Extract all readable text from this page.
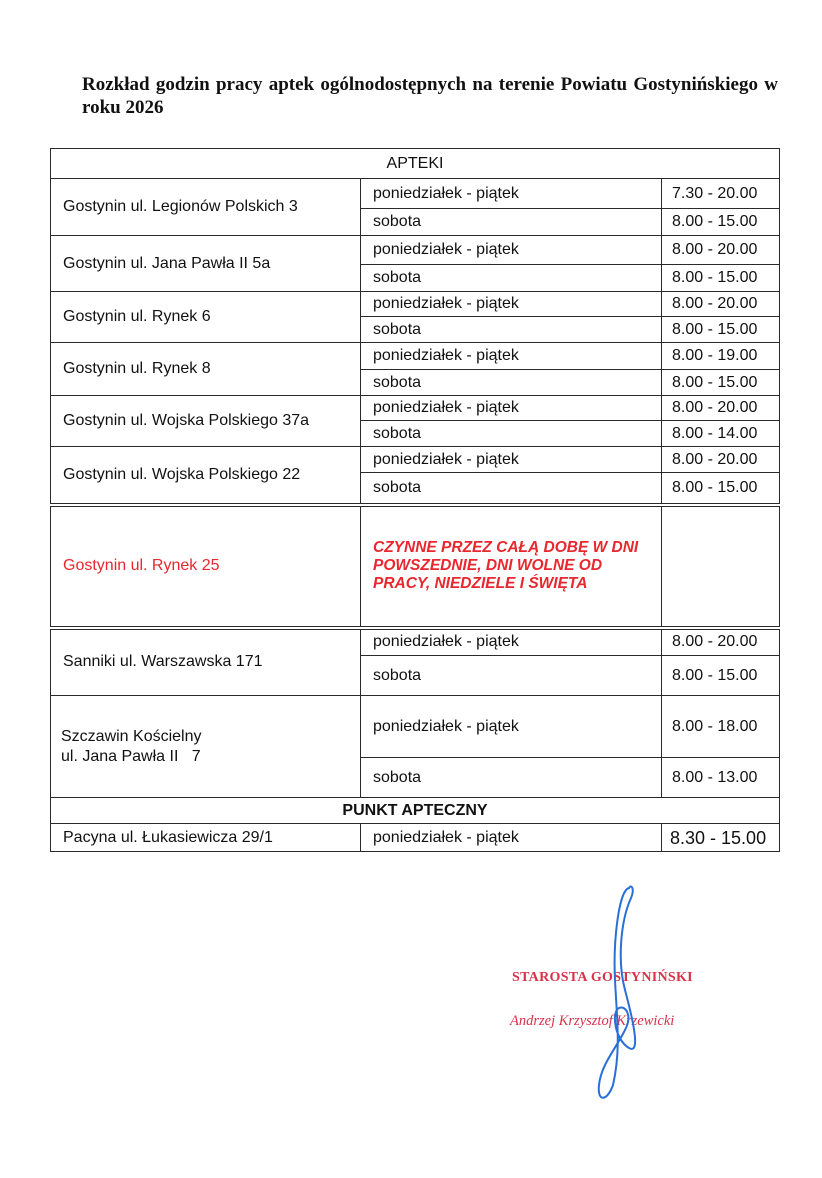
Rozkład godzin pracy aptek ogólnodostępnych na terenie Powiatu Gostynińskiego w roku 2026
APTEKI		
Gostynin ul. Legionów Polskich 3	poniedziałek - piątek	7.30 - 20.00
	sobota	8.00 - 15.00
Gostynin ul. Jana Pawła II 5a	poniedziałek - piątek	8.00 - 20.00
	sobota	8.00 - 15.00
Gostynin ul. Rynek 6	poniedziałek - piątek	8.00 - 20.00
	sobota	8.00 - 15.00
Gostynin ul. Rynek 8	poniedziałek - piątek	8.00 - 19.00
	sobota	8.00 - 15.00
Gostynin ul. Wojska Polskiego 37a	poniedziałek - piątek	8.00 - 20.00
	sobota	8.00 - 14.00
Gostynin ul. Wojska Polskiego 22	poniedziałek - piątek	8.00 - 20.00
	sobota	8.00 - 15.00
Gostynin ul. Rynek 25	CZYNNE PRZEZ CAŁĄ DOBĘ W DNI POWSZEDNIE, DNI WOLNE OD PRACY, NIEDZIELE I ŚWIĘTA	
Sanniki ul. Warszawska 171	poniedziałek - piątek	8.00 - 20.00
	sobota	8.00 - 15.00

Szczawin Kościelny
ul. Jana Pawła II   7	poniedziałek - piątek	8.00 - 18.00
	sobota	8.00 - 13.00
PUNKT APTECZNY		
Pacyna ul. Łukasiewicza 29/1	poniedziałek - piątek	8.30 - 15.00
STAROSTA GOSTYNIŃSKI
Andrzej Krzysztof Krzewicki
